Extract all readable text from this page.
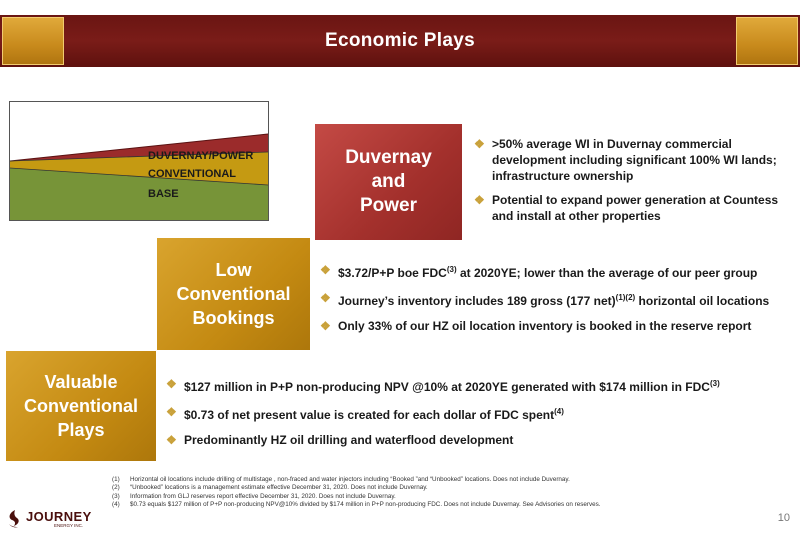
Economic Plays
DUVERNAY/POWER
CONVENTIONAL
BASE
Duvernay
and
Power
Low
Conventional
Bookings
Valuable
Conventional
Plays
❖ >50% average WI in Duvernay commercial development including significant 100% WI lands; infrastructure ownership
❖ Potential to expand power generation at Countess and install at other properties
❖ $3.72/P+P boe FDC$^{(3)}$ at 2020YE; lower than the average of our peer group
❖ Journey’s inventory includes 189 gross (177 net)$^{(1)(2)}$ horizontal oil locations
❖ Only 33% of our HZ oil location inventory is booked in the reserve report
❖ $127 million in P+P non-producing NPV @10% at 2020YE generated with $174 million in FDC$^{(3)}$
❖ $0.73 of net present value is created for each dollar of FDC spent$^{(4)}$
❖ Predominantly HZ oil drilling and waterflood development
(1)	Horizontal oil locations include drilling of multistage , non-fraced and water injectors including “Booked ”and “Unbooked” locations. Does not include Duvernay.
(2)	“Unbooked” locations is a management estimate effective December 31, 2020. Does not include Duvernay.
(3)	Information from GLJ reserves report effective December 31, 2020. Does not include Duvernay.
(4)	$0.73 equals $127 million of P+P non-producing NPV@10% divided by $174 million in P+P non-producing FDC. Does not include Duvernay. See Advisories on reserves.
JOURNEY
ENERGY INC.
10
